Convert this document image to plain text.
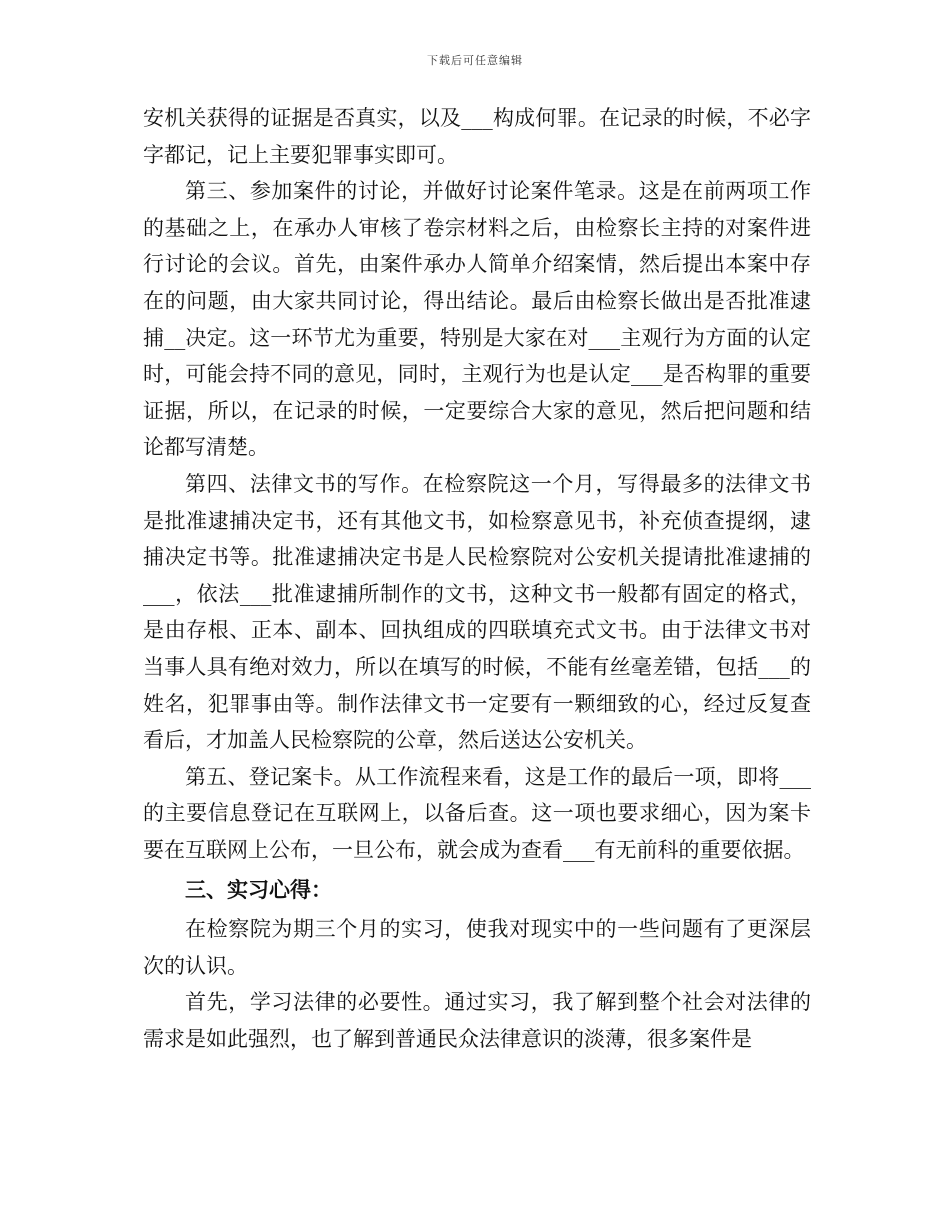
下载后可任意编辑

安机关获得的证据是否真实，以及___构成何罪。在记录的时候，不必字字都记，记上主要犯罪事实即可。

第三、参加案件的讨论，并做好讨论案件笔录。这是在前两项工作的基础之上，在承办人审核了卷宗材料之后，由检察长主持的对案件进行讨论的会议。首先，由案件承办人简单介绍案情，然后提出本案中存在的问题，由大家共同讨论，得出结论。最后由检察长做出是否批准逮捕__决定。这一环节尤为重要，特别是大家在对___主观行为方面的认定时，可能会持不同的意见，同时，主观行为也是认定___是否构罪的重要证据，所以，在记录的时候，一定要综合大家的意见，然后把问题和结论都写清楚。

第四、法律文书的写作。在检察院这一个月，写得最多的法律文书是批准逮捕决定书，还有其他文书，如检察意见书，补充侦查提纲，逮捕决定书等。批准逮捕决定书是人民检察院对公安机关提请批准逮捕的___，依法___批准逮捕所制作的文书，这种文书一般都有固定的格式，是由存根、正本、副本、回执组成的四联填充式文书。由于法律文书对当事人具有绝对效力，所以在填写的时候，不能有丝毫差错，包括___的姓名，犯罪事由等。制作法律文书一定要有一颗细致的心，经过反复查看后，才加盖人民检察院的公章，然后送达公安机关。

第五、登记案卡。从工作流程来看，这是工作的最后一项，即将___的主要信息登记在互联网上，以备后查。这一项也要求细心，因为案卡要在互联网上公布，一旦公布，就会成为查看___有无前科的重要依据。

三、实习心得：

在检察院为期三个月的实习，使我对现实中的一些问题有了更深层次的认识。

首先，学习法律的必要性。通过实习，我了解到整个社会对法律的需求是如此强烈，也了解到普通民众法律意识的淡薄，很多案件是
